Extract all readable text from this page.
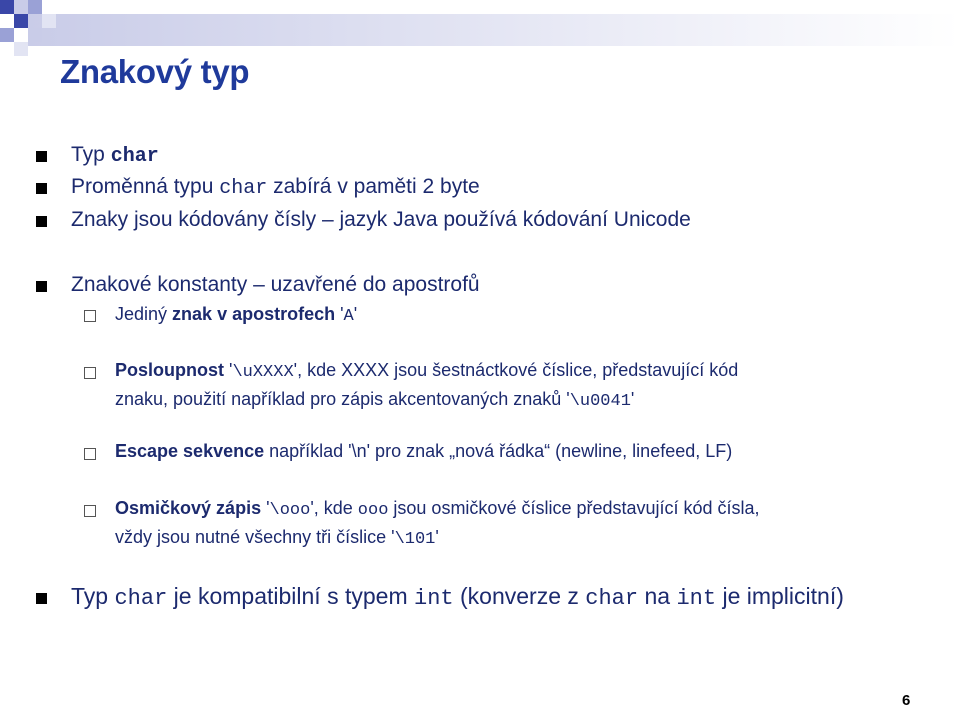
Znakový typ
Typ char
Proměnná typu char zabírá v paměti 2 byte
Znaky jsou kódovány čísly – jazyk Java používá kódování Unicode
Znakové konstanty – uzavřené do apostrofů
Jediný znak v apostrofech 'A'
Posloupnost '\uXXXX', kde XXXX jsou šestnáctkové číslice, představující kód
znaku, použití například pro zápis akcentovaných znaků '\u0041'
Escape sekvence například '\n' pro znak „nová řádka“ (newline, linefeed, LF)
Osmičkový zápis '\ooo', kde ooo jsou osmičkové číslice představující kód čísla,
vždy jsou nutné všechny tři číslice '\101'
Typ char je kompatibilní s typem int (konverze z char na int je implicitní)
6
